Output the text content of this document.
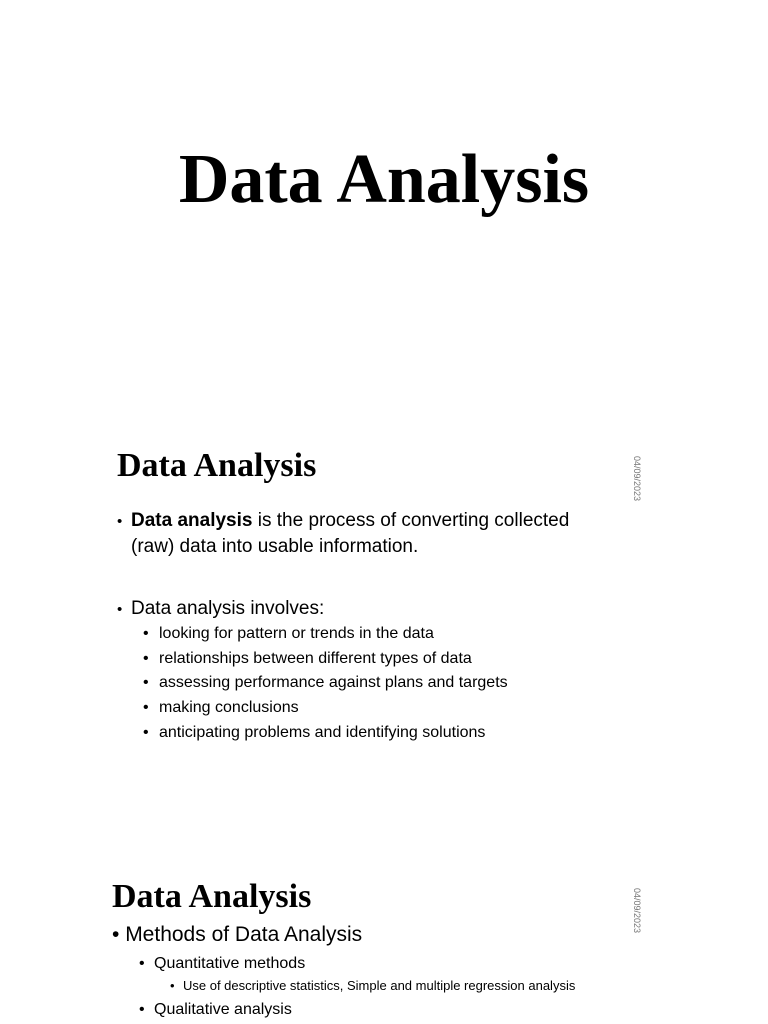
Data Analysis
Data Analysis	04/09/2023
• Data analysis is the process of converting collected (raw) data into usable information.
• Data analysis involves:
• looking for pattern or trends in the data
• relationships between different types of data
• assessing performance against plans and targets
• making conclusions
• anticipating problems and identifying solutions
Data Analysis	04/09/2023
• Methods of Data Analysis
• Quantitative methods
• Use of descriptive statistics, Simple and multiple regression analysis
• Qualitative analysis
